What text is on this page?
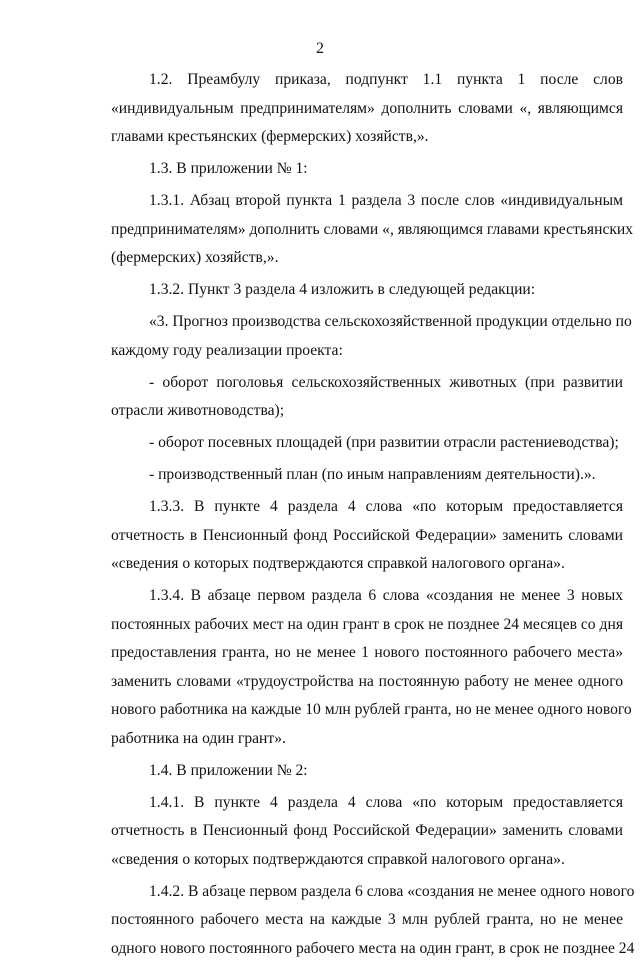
2
1.2. Преамбулу приказа, подпункт 1.1 пункта 1 после слов
«индивидуальным предпринимателям» дополнить словами «, являющимся
главами крестьянских (фермерских) хозяйств,».
1.3. В приложении № 1:
1.3.1. Абзац второй пункта 1 раздела 3 после слов «индивидуальным
предпринимателям» дополнить словами «, являющимся главами крестьянских
(фермерских) хозяйств,».
1.3.2. Пункт 3 раздела 4 изложить в следующей редакции:
«3. Прогноз производства сельскохозяйственной продукции отдельно по
каждому году реализации проекта:
- оборот поголовья сельскохозяйственных животных (при развитии
отрасли животноводства);
- оборот посевных площадей (при развитии отрасли растениеводства);
- производственный план (по иным направлениям деятельности).».
1.3.3. В пункте 4 раздела 4 слова «по которым предоставляется
отчетность в Пенсионный фонд Российской Федерации» заменить словами
«сведения о которых подтверждаются справкой налогового органа».
1.3.4. В абзаце первом раздела 6 слова «создания не менее 3 новых
постоянных рабочих мест на один грант в срок не позднее 24 месяцев со дня
предоставления гранта, но не менее 1 нового постоянного рабочего места»
заменить словами «трудоустройства на постоянную работу не менее одного
нового работника на каждые 10 млн рублей гранта, но не менее одного нового
работника на один грант».
1.4. В приложении № 2:
1.4.1. В пункте 4 раздела 4 слова «по которым предоставляется
отчетность в Пенсионный фонд Российской Федерации» заменить словами
«сведения о которых подтверждаются справкой налогового органа».
1.4.2. В абзаце первом раздела 6 слова «создания не менее одного нового
постоянного рабочего места на каждые 3 млн рублей гранта, но не менее
одного нового постоянного рабочего места на один грант, в срок не позднее 24
